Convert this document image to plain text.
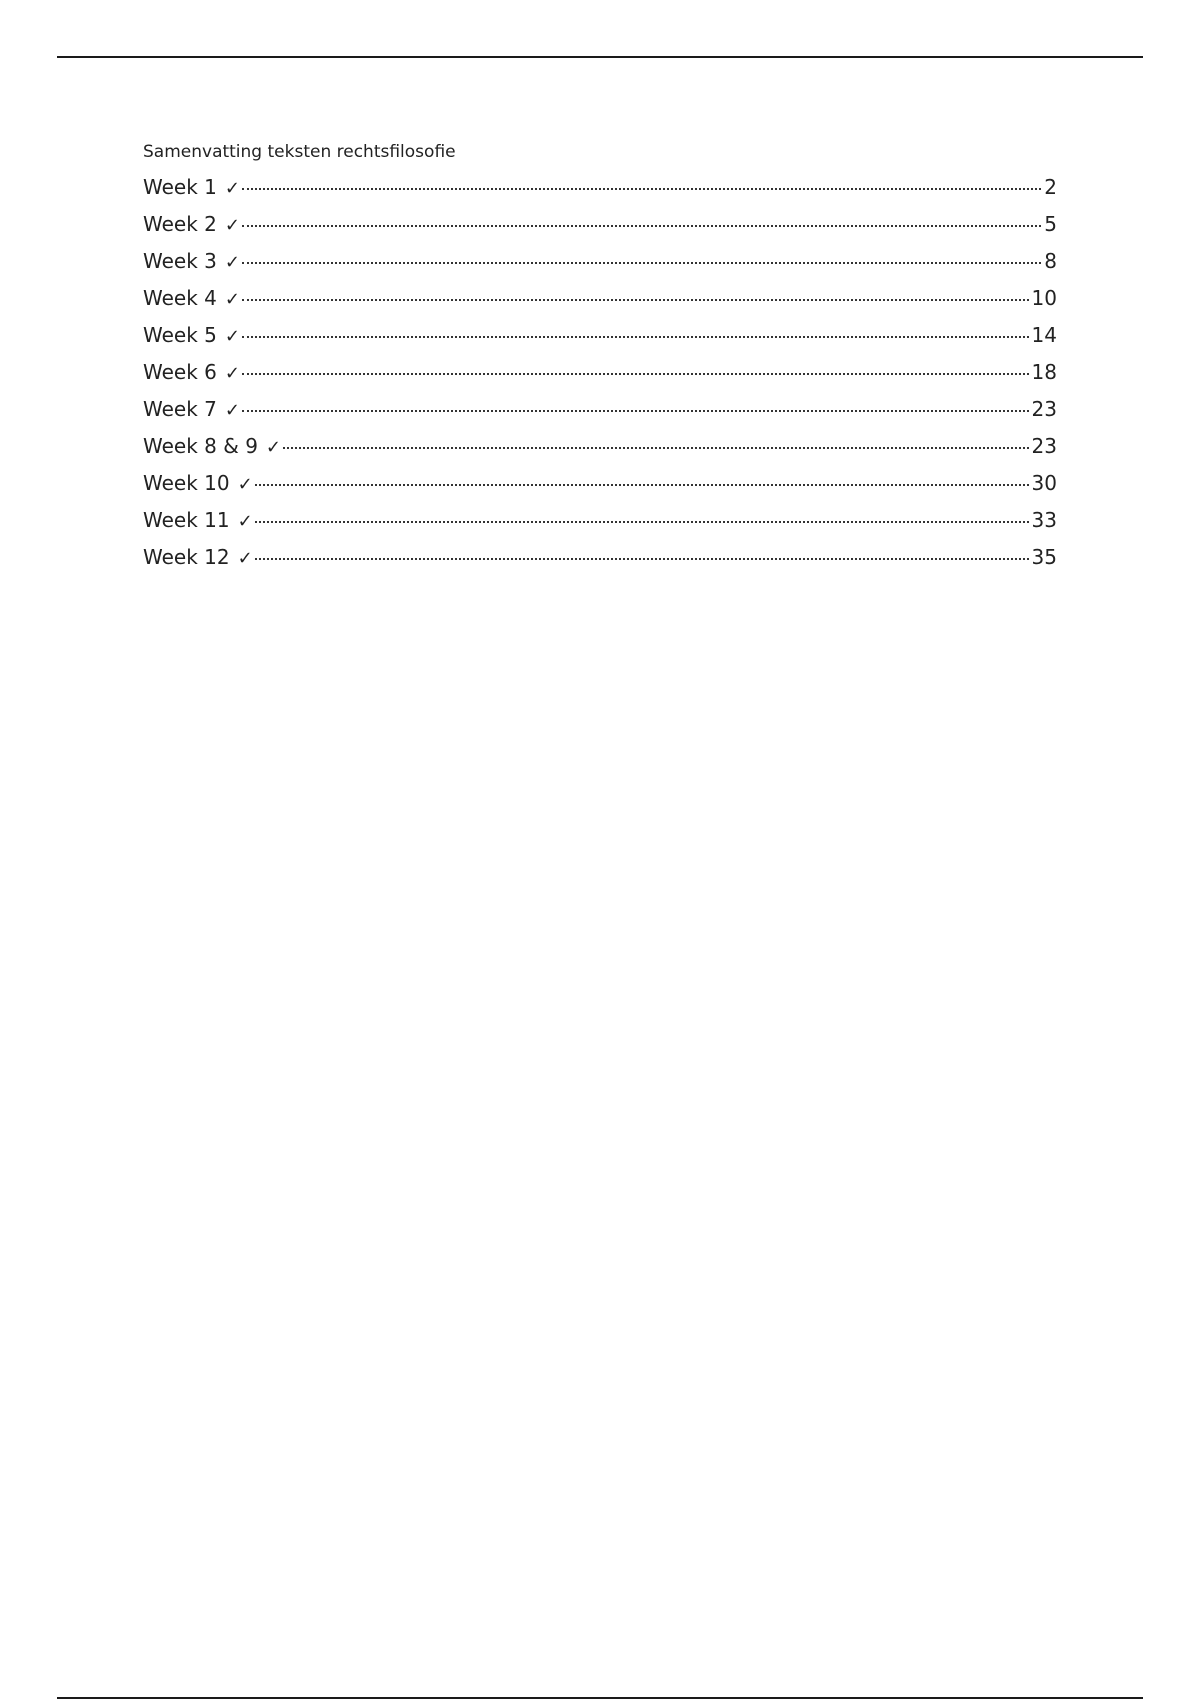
Samenvatting teksten rechtsfilosofie
Week 1 ✓	2
Week 2 ✓	5
Week 3 ✓	8
Week 4 ✓	10
Week 5 ✓	14
Week 6 ✓	18
Week 7 ✓	23
Week 8 & 9 ✓	23
Week 10 ✓	30
Week 11 ✓	33
Week 12 ✓	35
